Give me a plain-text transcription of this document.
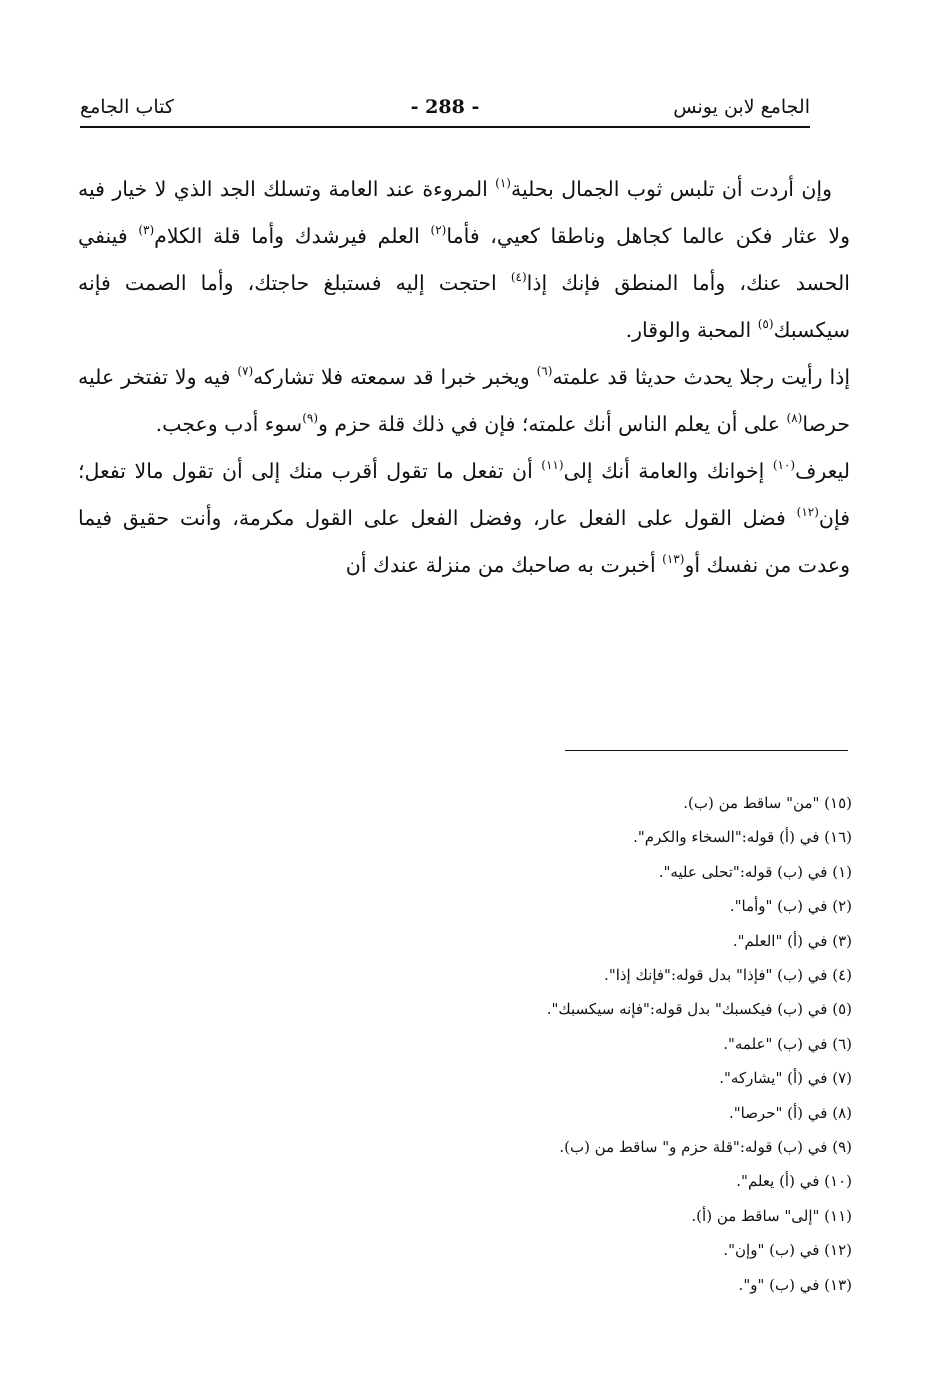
الجامع لابن يونس
- 288 -
كتاب الجامع

وإن أردت أن تلبس ثوب الجمال بحلية$^{(١)}$ المروءة عند العامة وتسلك الجد الذي لا خيار فيه ولا عثار فكن عالما كجاهل وناطقا كعيي، فأما$^{(٢)}$ العلم فيرشدك وأما قلة الكلام$^{(٣)}$ فينفي الحسد عنك، وأما المنطق فإنك إذا$^{(٤)}$ احتجت إليه فستبلغ حاجتك، وأما الصمت فإنه سيكسبك$^{(٥)}$ المحبة والوقار.

إذا رأيت رجلا يحدث حديثا قد علمته$^{(٦)}$ ويخبر خبرا قد سمعته فلا تشاركه$^{(٧)}$ فيه ولا تفتخر عليه حرصا$^{(٨)}$ على أن يعلم الناس أنك علمته؛ فإن في ذلك قلة حزم و$^{(٩)}$سوء أدب وعجب.

ليعرف$^{(١٠)}$ إخوانك والعامة أنك إلى$^{(١١)}$ أن تفعل ما تقول أقرب منك إلى أن تقول مالا تفعل؛ فإن$^{(١٢)}$ فضل القول على الفعل عار، وفضل الفعل على القول مكرمة، وأنت حقيق فيما وعدت من نفسك أو$^{(١٣)}$ أخبرت به صاحبك من منزلة عندك أن

(١٥) "من" ساقط من (ب).
(١٦) في (أ) قوله:"السخاء والكرم".
(١) في (ب) قوله:"تحلى عليه".
(٢) في (ب) "وأما".
(٣) في (أ) "العلم".
(٤) في (ب) "فإذا" بدل قوله:"فإنك إذا".
(٥) في (ب) فيكسبك" بدل قوله:"فإنه سيكسبك".
(٦) في (ب) "علمه".
(٧) في (أ) "يشاركه".
(٨) في (أ) "حرصا".
(٩) في (ب) قوله:"قلة حزم و" ساقط من (ب).
(١٠) في (أ) يعلم".
(١١) "إلى" ساقط من (أ).
(١٢) في (ب) "وإن".
(١٣) في (ب) "و".
